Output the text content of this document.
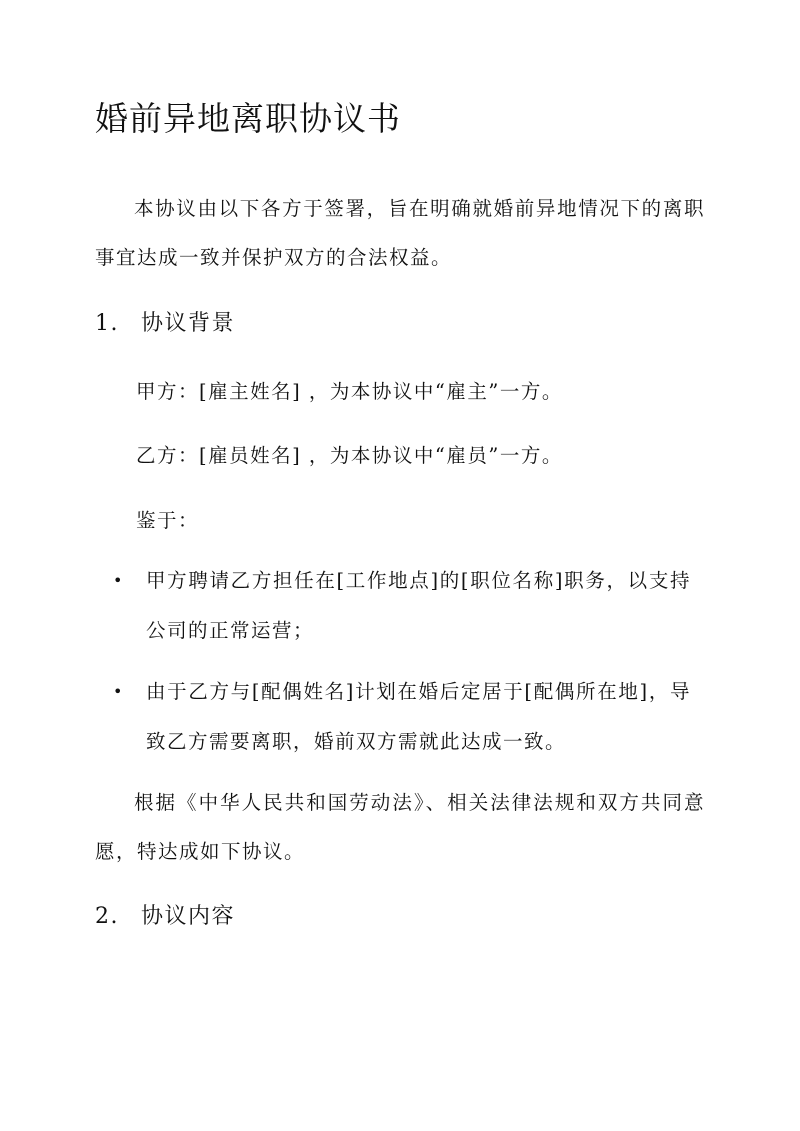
婚前异地离职协议书
本协议由以下各方于签署，旨在明确就婚前异地情况下的离职事宜达成一致并保护双方的合法权益。
1. 协议背景
甲方：[雇主姓名] ，为本协议中“雇主”一方。
乙方：[雇员姓名] ，为本协议中“雇员”一方。
鉴于：
•	甲方聘请乙方担任在[工作地点]的[职位名称]职务，以支持公司的正常运营；
•	由于乙方与[配偶姓名]计划在婚后定居于[配偶所在地]，导致乙方需要离职，婚前双方需就此达成一致。
根据《中华人民共和国劳动法》、相关法律法规和双方共同意愿，特达成如下协议。
2. 协议内容
